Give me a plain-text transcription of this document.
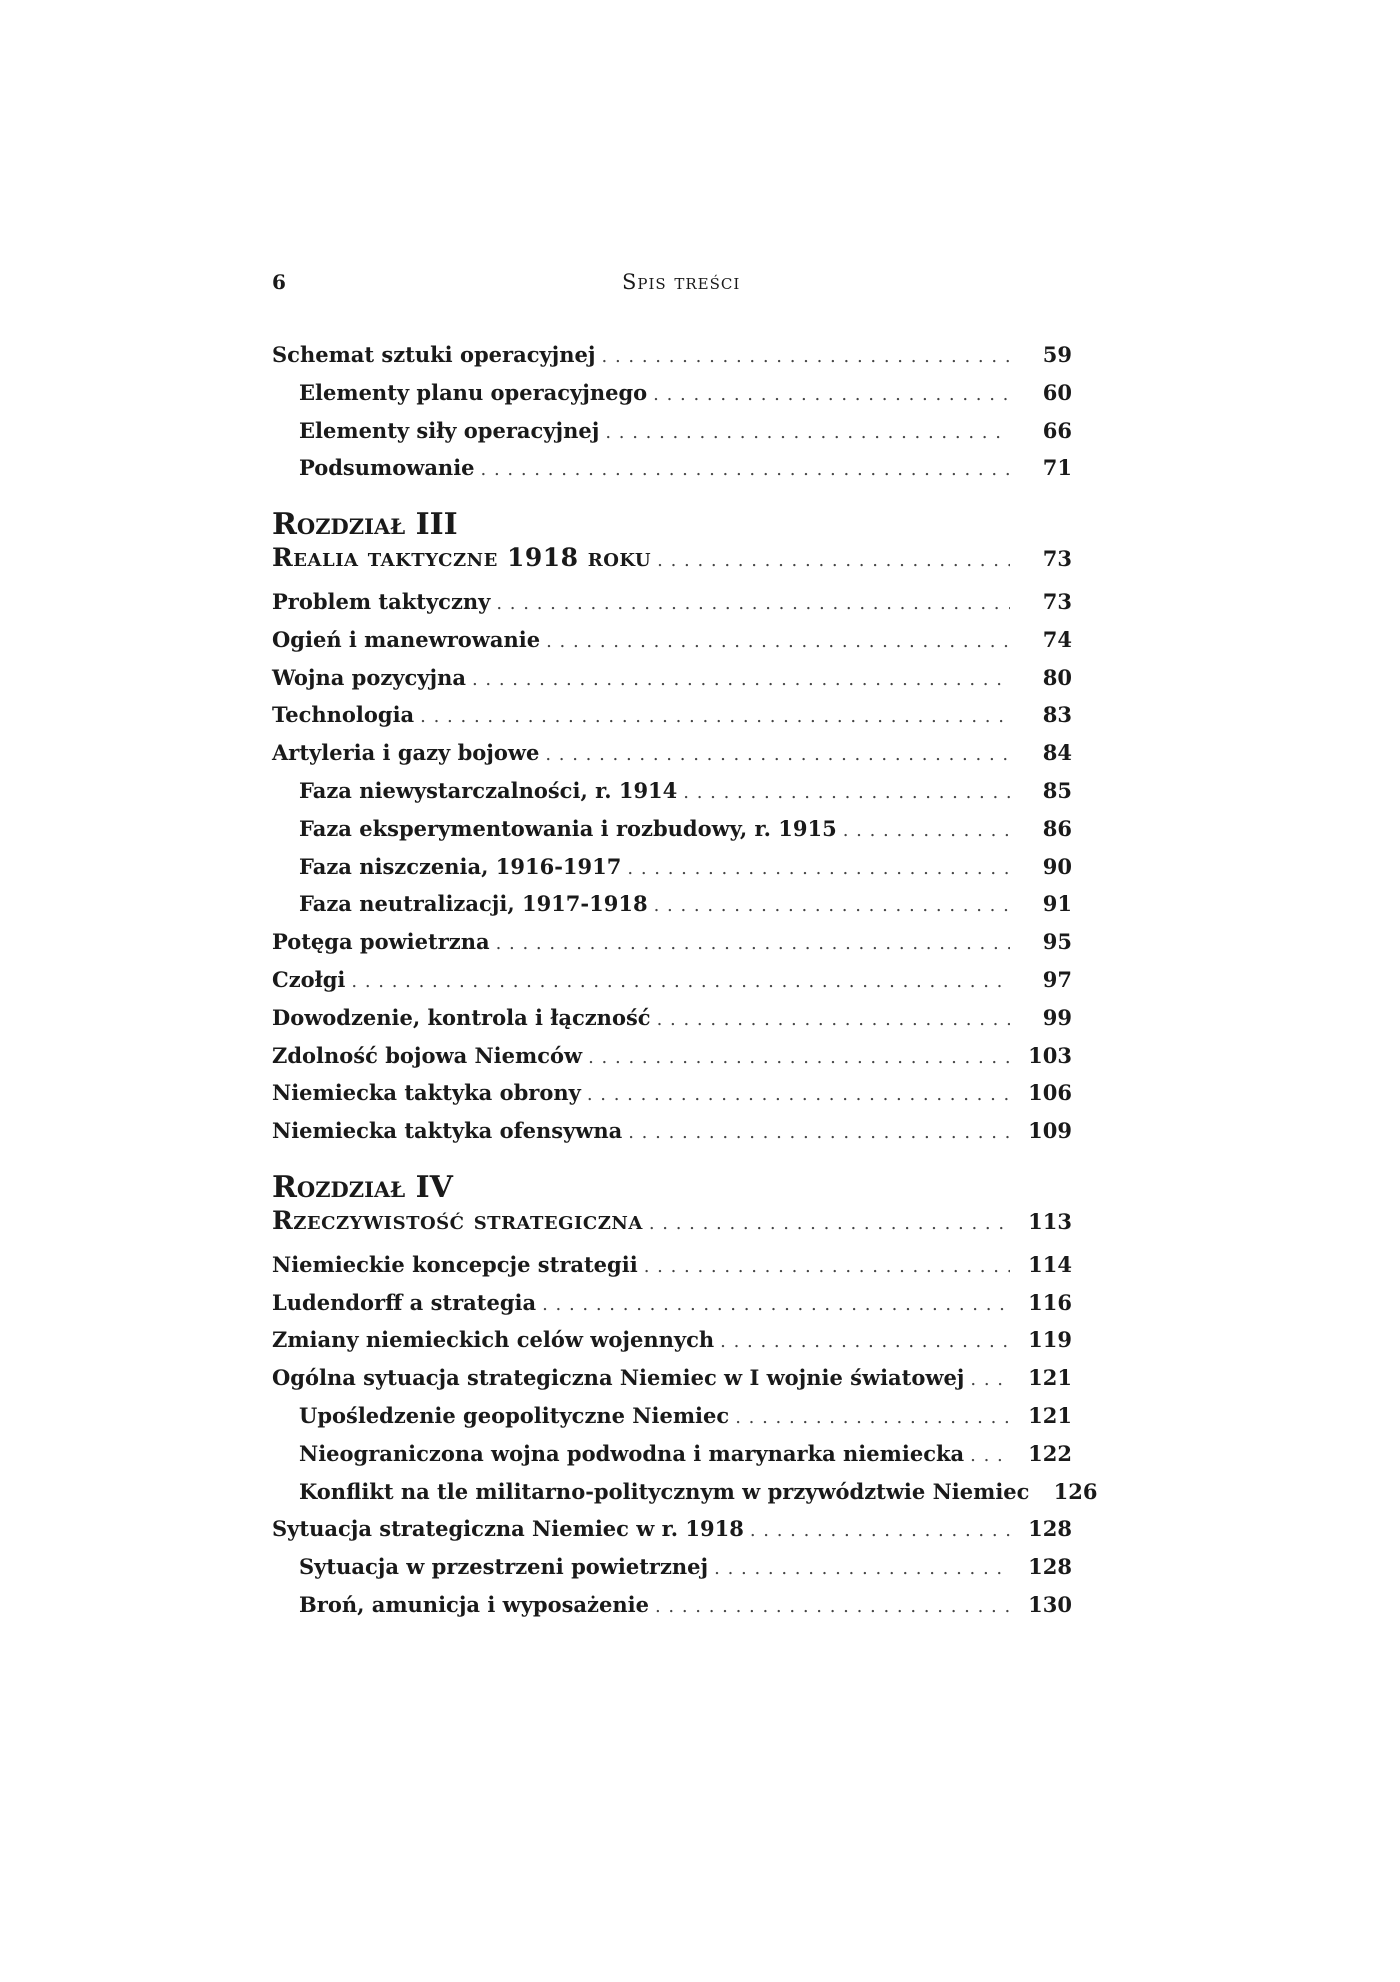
6	Spis treści
Schemat sztuki operacyjnej . . .	59
Elementy planu operacyjnego . . .	60
Elementy siły operacyjnej . . .	66
Podsumowanie . . .	71
Rozdział III
Realia taktyczne 1918 roku . . .	73
Problem taktyczny . . .	73
Ogień i manewrowanie . . .	74
Wojna pozycyjna . . .	80
Technologia . . .	83
Artyleria i gazy bojowe . . .	84
Faza niewystarczalności, r. 1914 . . .	85
Faza eksperymentowania i rozbudowy, r. 1915 . . .	86
Faza niszczenia, 1916-1917 . . .	90
Faza neutralizacji, 1917-1918 . . .	91
Potęga powietrzna . . .	95
Czołgi . . .	97
Dowodzenie, kontrola i łączność . . .	99
Zdolność bojowa Niemców . . .	103
Niemiecka taktyka obrony . . .	106
Niemiecka taktyka ofensywna . . .	109
Rozdział IV
Rzeczywistość strategiczna . . .	113
Niemieckie koncepcje strategii . . .	114
Ludendorff a strategia . . .	116
Zmiany niemieckich celów wojennych . . .	119
Ogólna sytuacja strategiczna Niemiec w I wojnie światowej . . .	121
Upośledzenie geopolityczne Niemiec . . .	121
Nieograniczona wojna podwodna i marynarka niemiecka . . .	122
Konflikt na tle militarno-politycznym w przywództwie Niemiec	126
Sytuacja strategiczna Niemiec w r. 1918 . . .	128
Sytuacja w przestrzeni powietrznej . . .	128
Broń, amunicja i wyposażenie . . .	130
